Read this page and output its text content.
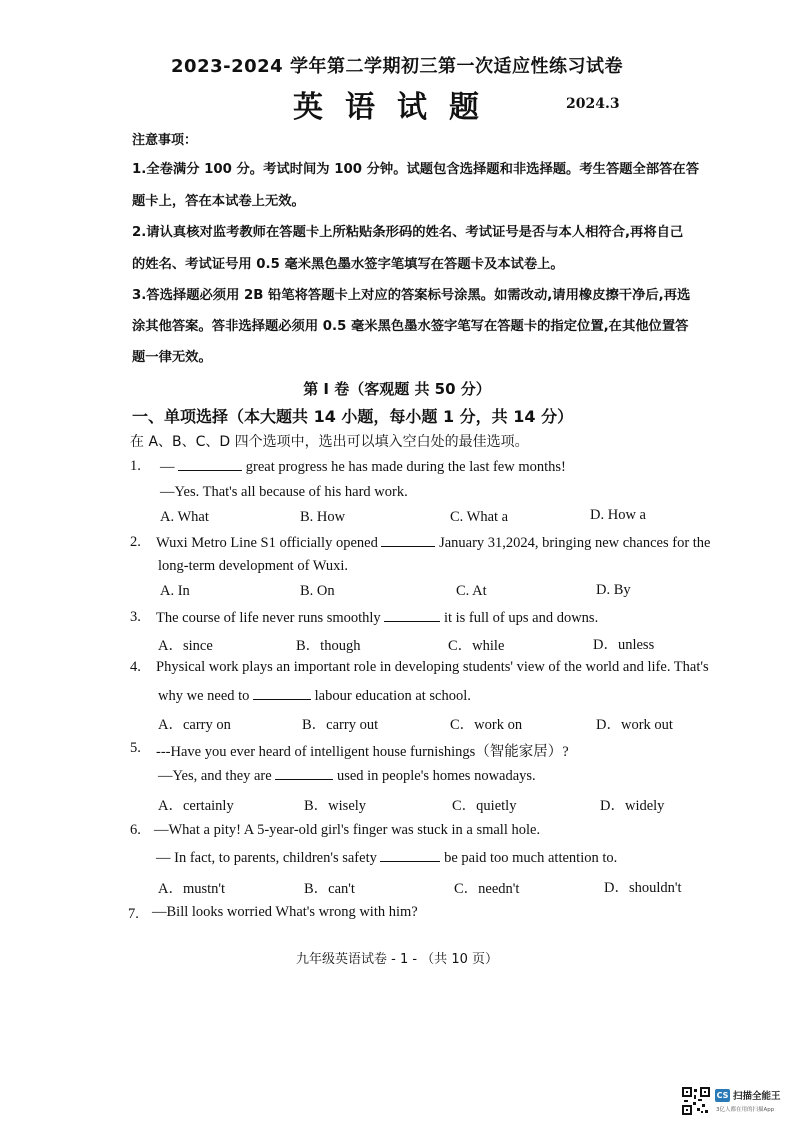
2023-2024 学年第二学期初三第一次适应性练习试卷
英语试题	2024.3
注意事项：
1.全卷满分 100 分。考试时间为 100 分钟。试题包含选择题和非选择题。考生答题全部答在答
题卡上，答在本试卷上无效。
2.请认真核对监考教师在答题卡上所粘贴条形码的姓名、考试证号是否与本人相符合,再将自己
的姓名、考试证号用 0.5 毫米黑色墨水签字笔填写在答题卡及本试卷上。
3.答选择题必须用 2B 铅笔将答题卡上对应的答案标号涂黑。如需改动,请用橡皮擦干净后,再选
涂其他答案。答非选择题必须用 0.5 毫米黑色墨水签字笔写在答题卡的指定位置,在其他位置答
题一律无效。
第 I 卷（客观题 共 50 分）
一、单项选择（本大题共 14 小题，每小题 1 分，共 14 分）
在 A、B、C、D 四个选项中，选出可以填入空白处的最佳选项。
1. —	great progress he has made during the last few months!
—Yes. That's all because of his hard work.
A. What	B. How	C. What a	D. How a
2. Wuxi Metro Line S1 officially opened	January 31,2024, bringing new chances for the
long-term development of Wuxi.
A. In	B. On	C. At	D. By
3. The course of life never runs smoothly	it is full of ups and downs.
A．since	B．though	C．while	D．unless
4. Physical work plays an important role in developing students' view of the world and life. That's
why we need to	labour education at school.
A．carry on	B．carry out	C．work on	D．work out
5. ---Have you ever heard of intelligent house furnishings（智能家居）?
—Yes, and they are	used in people's homes nowadays.
A．certainly	B．wisely	C．quietly	D．widely
6. —What a pity! A 5-year-old girl's finger was stuck in a small hole.
— In fact, to parents, children's safety	be paid too much attention to.
A．mustn't	B．can't	C．needn't	D．shouldn't
7. —Bill looks worried What's wrong with him?
九年级英语试卷 - 1 - （共 10 页）
CS 扫描全能王
3亿人都在用的扫描App
